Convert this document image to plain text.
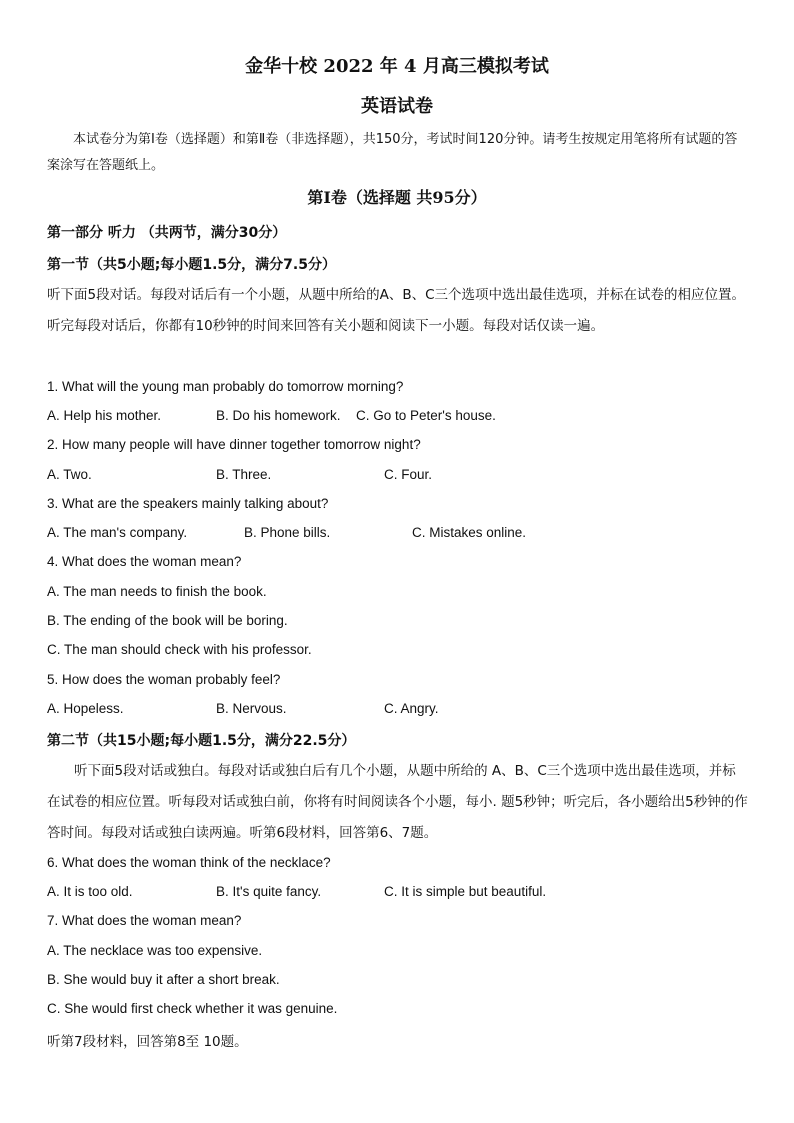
金华十校 2022 年 4 月高三模拟考试
英语试卷
本试卷分为第Ⅰ卷（选择题）和第Ⅱ卷（非选择题），共150分，考试时间120分钟。请考生按规定用笔将所有试题的答案涂写在答题纸上。
第Ⅰ卷（选择题 共95分）
第一部分 听力 （共两节，满分30分）
第一节（共5小题;每小题1.5分，满分7.5分）
听下面5段对话。每段对话后有一个小题，从题中所给的A、B、C三个选项中选出最佳选项，并标在试卷的相应位置。听完每段对话后，你都有10秒钟的时间来回答有关小题和阅读下一小题。每段对话仅读一遍。
1. What will the young man probably do tomorrow morning?
A. Help his mother.	B. Do his homework. C. Go to Peter's house.
2. How many people will have dinner together tomorrow night?
A. Two.	B. Three.	C. Four.
3. What are the speakers mainly talking about?
A. The man's company.	B. Phone bills.	C. Mistakes online.
4. What does the woman mean?
A. The man needs to finish the book.
B. The ending of the book will be boring.
C. The man should check with his professor.
5. How does the woman probably feel?
A. Hopeless.	B. Nervous.	C. Angry.
第二节（共15小题;每小题1.5分，满分22.5分）
听下面5段对话或独白。每段对话或独白后有几个小题，从题中所给的 A、B、C三个选项中选出最佳选项，并标在试卷的相应位置。听每段对话或独白前，你将有时间阅读各个小题，每小. 题5秒钟；听完后，各小题给出5秒钟的作答时间。每段对话或独白读两遍。听第6段材料，回答第6、7题。
6. What does the woman think of the necklace?
A. It is too old.	B. It's quite fancy.	C. It is simple but beautiful.
7. What does the woman mean?
A. The necklace was too expensive.
B. She would buy it after a short break.
C. She would first check whether it was genuine.
听第7段材料，回答第8至 10题。
